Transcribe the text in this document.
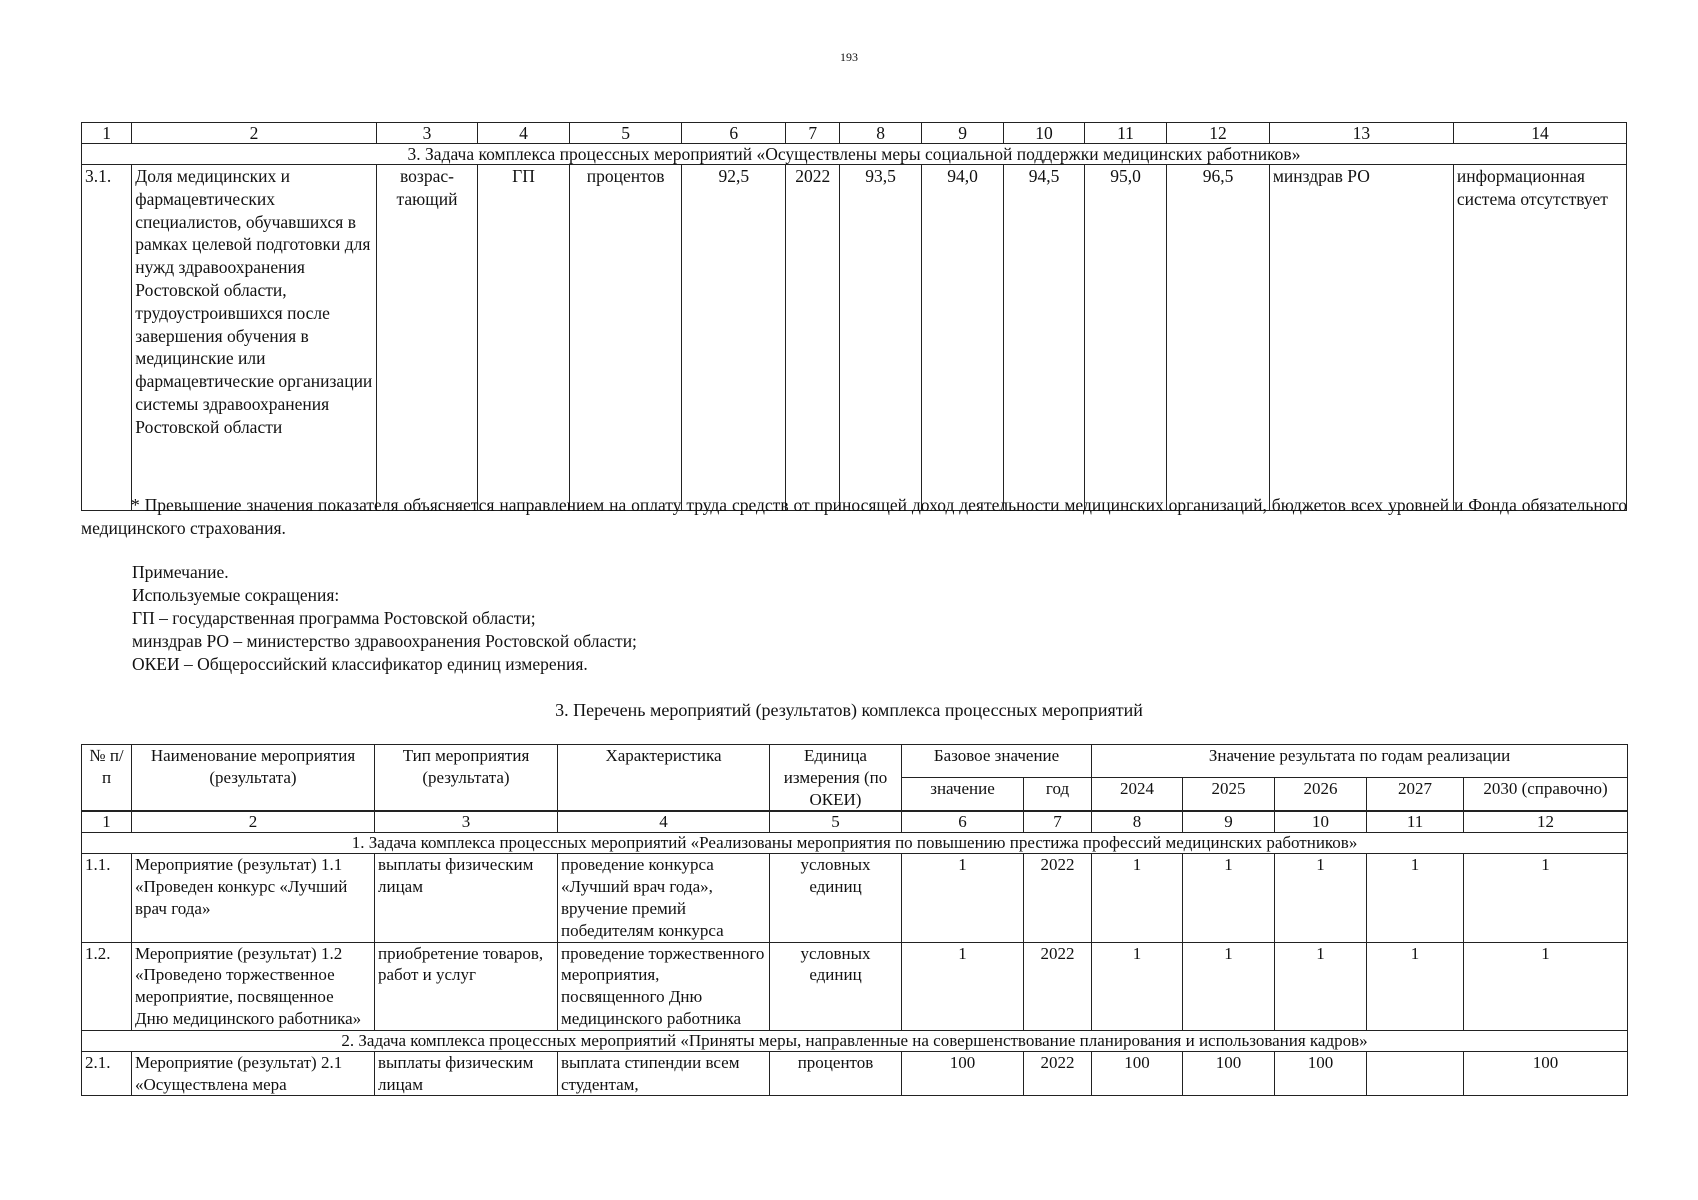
193
1	2	3	4	5	6	7	8	9	10	11	12	13	14
3. Задача комплекса процессных мероприятий «Осуществлены меры социальной поддержки медицинских работников»													
3.1.	Доля медицинских и фармацевтических специалистов, обучавшихся в рамках целевой подготовки для нужд здравоохранения Ростовской области, трудоустроившихся после завершения обучения в медицинские или фармацевтические организации системы здравоохранения Ростовской области	возрас-тающий	ГП	процентов	92,5	2022	93,5	94,0	94,5	95,0	96,5	минздрав РО	информационная система отсутствует
* Превышение значения показателя объясняется направлением на оплату труда средств от приносящей доход деятельности медицинских организаций, бюджетов всех уровней и Фонда обязательного медицинского страхования.
Примечание.
Используемые сокращения:
ГП – государственная программа Ростовской области;
минздрав РО – министерство здравоохранения Ростовской области;
ОКЕИ – Общероссийский классификатор единиц измерения.
3. Перечень мероприятий (результатов) комплекса процессных мероприятий
№ п/п	Наименование мероприятия (результата)	Тип мероприятия (результата)	Характеристика	Единица измерения (по ОКЕИ)	Базовое значение		Значение результата по годам реализации				
					значение	год	2024	2025	2026	2027	2030 (справочно)
1	2	3	4	5	6	7	8	9	10	11	12
1. Задача комплекса процессных мероприятий «Реализованы мероприятия по повышению престижа профессий медицинских работников»											
1.1.	Мероприятие (результат) 1.1 «Проведен конкурс «Лучший врач года»	выплаты физическим лицам	проведение конкурса «Лучший врач года», вручение премий победителям конкурса	условных единиц	1	2022	1	1	1	1	1
1.2.	Мероприятие (результат) 1.2 «Проведено торжественное мероприятие, посвященное Дню медицинского работника»	приобретение товаров, работ и услуг	проведение торжественного мероприятия, посвященного Дню медицинского работника	условных единиц	1	2022	1	1	1	1	1
2. Задача комплекса процессных мероприятий «Приняты меры, направленные на совершенствование планирования и использования кадров»											
2.1.	Мероприятие (результат) 2.1 «Осуществлена мера	выплаты физическим лицам	выплата стипендии всем студентам,	процентов	100	2022	100	100	100		100
